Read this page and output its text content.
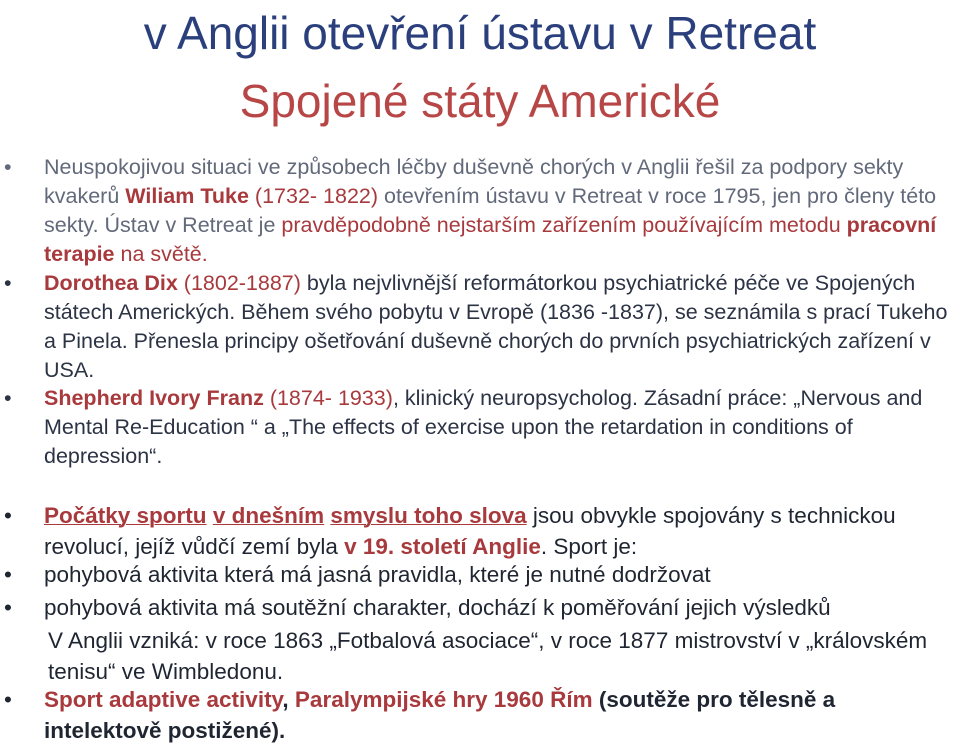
v Anglii otevření ústavu v Retreat
Spojené státy Americké
• Neuspokojivou situaci ve způsobech léčby duševně chorých v Anglii řešil za podpory sekty kvakerů Wiliam Tuke (1732- 1822) otevřením ústavu v Retreat v roce 1795, jen pro členy této sekty. Ústav v Retreat je pravděpodobně nejstarším zařízením používajícím metodu pracovní terapie na světě.
• Dorothea Dix (1802-1887) byla nejvlivnější reformátorkou psychiatrické péče ve Spojených státech Amerických. Během svého pobytu v Evropě (1836 -1837), se seznámila s prací Tukeho a Pinela. Přenesla principy ošetřování duševně chorých do prvních psychiatrických zařízení v USA.
• Shepherd Ivory Franz (1874- 1933), klinický neuropsycholog. Zásadní práce: „Nervous and Mental Re-Education “ a „The effects of exercise upon the retardation in conditions of depression“.
• Počátky sportu v dnešním smyslu toho slova jsou obvykle spojovány s technickou revolucí, jejíž vůdčí zemí byla v 19. století Anglie. Sport je:
• pohybová aktivita která má jasná pravidla, které je nutné dodržovat
• pohybová aktivita má soutěžní charakter, dochází k poměřování jejich výsledků
V Anglii vzniká: v roce 1863 „Fotbalová asociace“, v roce 1877 mistrovství v „královském tenisu“ ve Wimbledonu.
• Sport adaptive activity, Paralympijské hry 1960 Řím (soutěže pro tělesně a intelektově postižené).
